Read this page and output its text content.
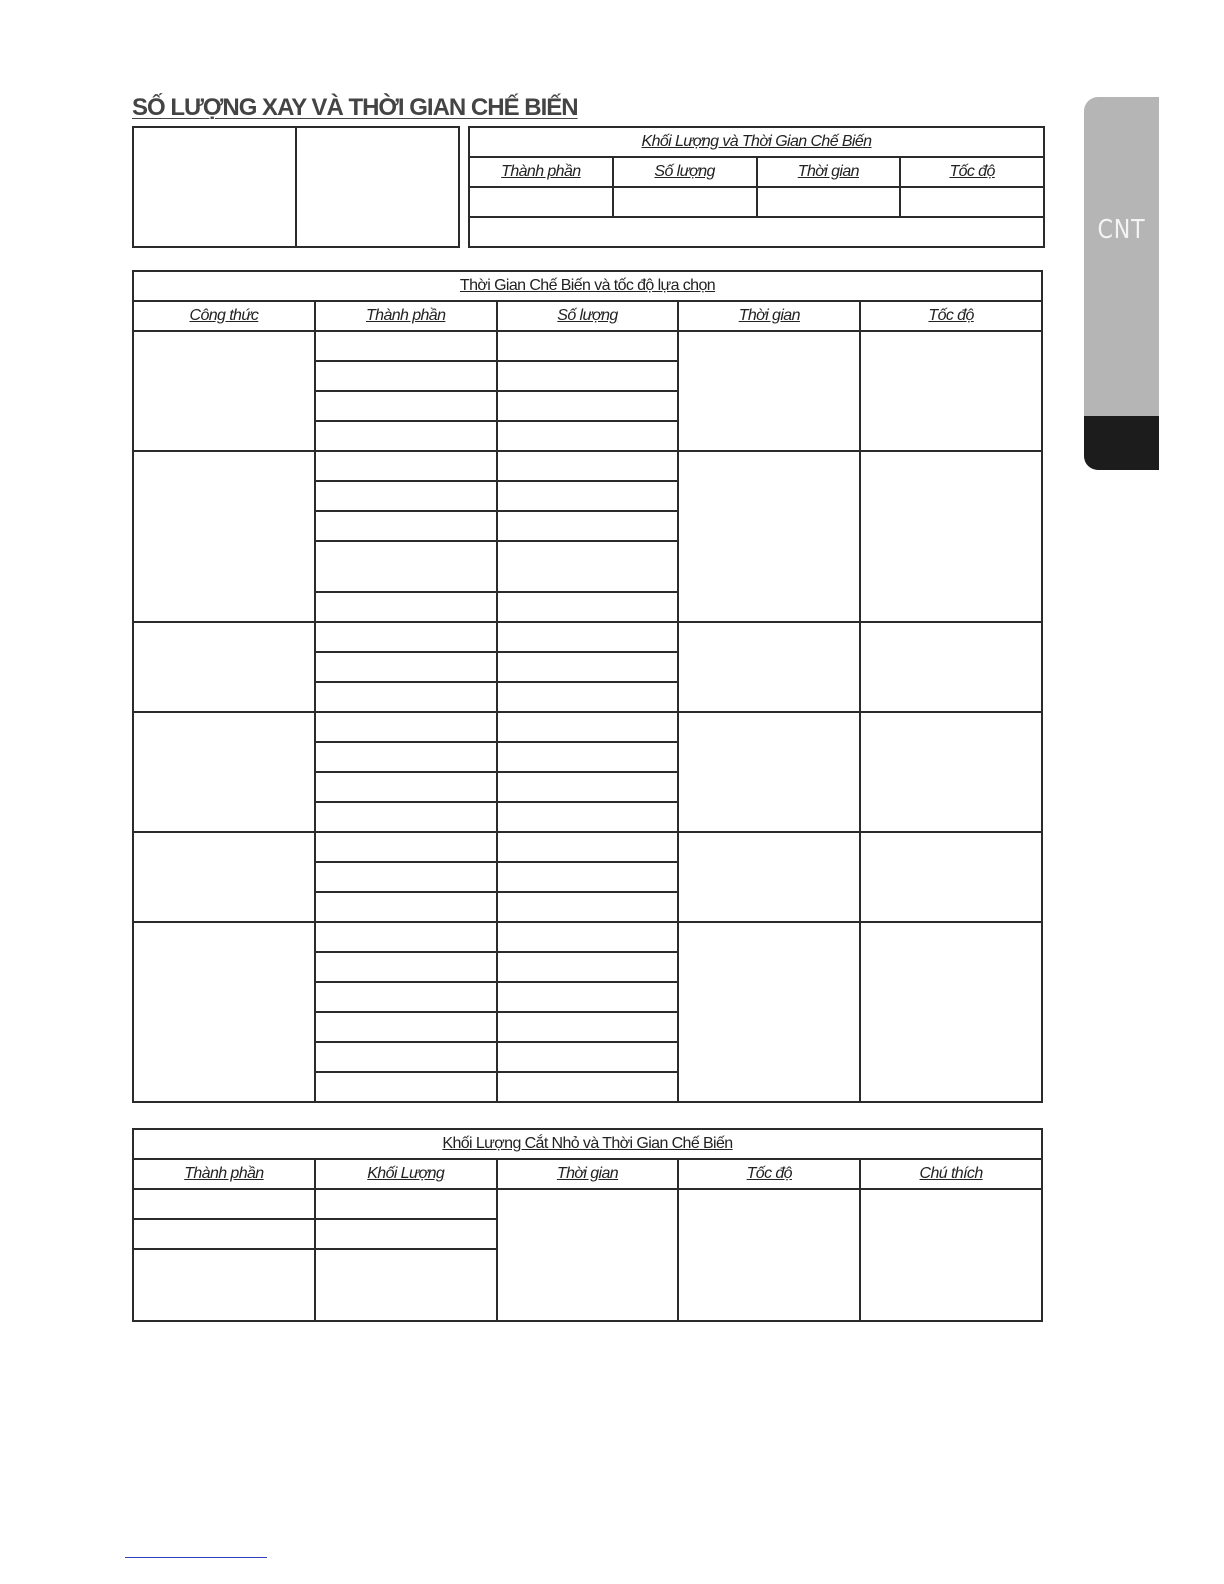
SỐ LƯỢNG XAY VÀ THỜI GIAN CHẾ BIẾN

Khối Lượng và Thời Gian Chế Biến			
Thành phần	Số lượng	Thời gian	Tốc độ

Thời Gian Chế Biến và tốc độ lựa chọn				
Công thức	Thành phần	Số lượng	Thời gian	Tốc độ

Khối Lượng Cắt Nhỏ và Thời Gian Chế Biến				
Thành phần	Khối Lượng	Thời gian	Tốc độ	Chú thích

CNT
